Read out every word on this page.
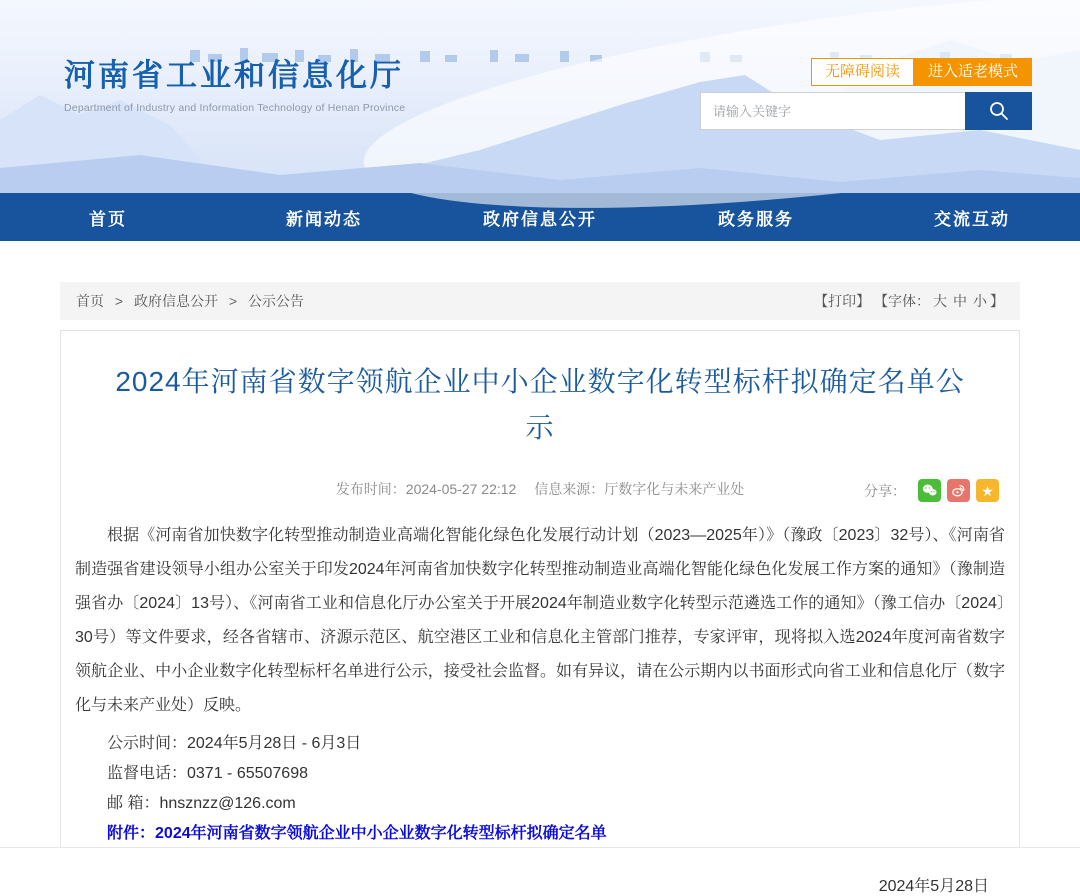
河南省工业和信息化厅
Department of Industry and Information Technology of Henan Province
无障碍阅读	进入适老模式
请输入关键字
首页	新闻动态	政府信息公开	政务服务	交流互动
首页 > 政府信息公开 > 公示公告	【打印】 【字体： 大 中 小 】
2024年河南省数字领航企业中小企业数字化转型标杆拟确定名单公示
发布时间：2024-05-27 22:12 信息来源：厅数字化与未来产业处	分享：	★

根据《河南省加快数字化转型推动制造业高端化智能化绿色化发展行动计划（2023—2025年）》（豫政〔2023〕32号）、《河南省制造强省建设领导小组办公室关于印发2024年河南省加快数字化转型推动制造业高端化智能化绿色化发展工作方案的通知》（豫制造强省办〔2024〕13号）、《河南省工业和信息化厅办公室关于开展2024年制造业数字化转型示范遴选工作的通知》（豫工信办〔2024〕30号）等文件要求，经各省辖市、济源示范区、航空港区工业和信息化主管部门推荐，专家评审，现将拟入选2024年度河南省数字领航企业、中小企业数字化转型标杆名单进行公示，接受社会监督。如有异议，请在公示期内以书面形式向省工业和信息化厅（数字化与未来产业处）反映。

公示时间：2024年5月28日 - 6月3日

监督电话：0371 - 65507698

邮 箱：hnsznzz@126.com

附件：2024年河南省数字领航企业中小企业数字化转型标杆拟确定名单

2024年5月28日
